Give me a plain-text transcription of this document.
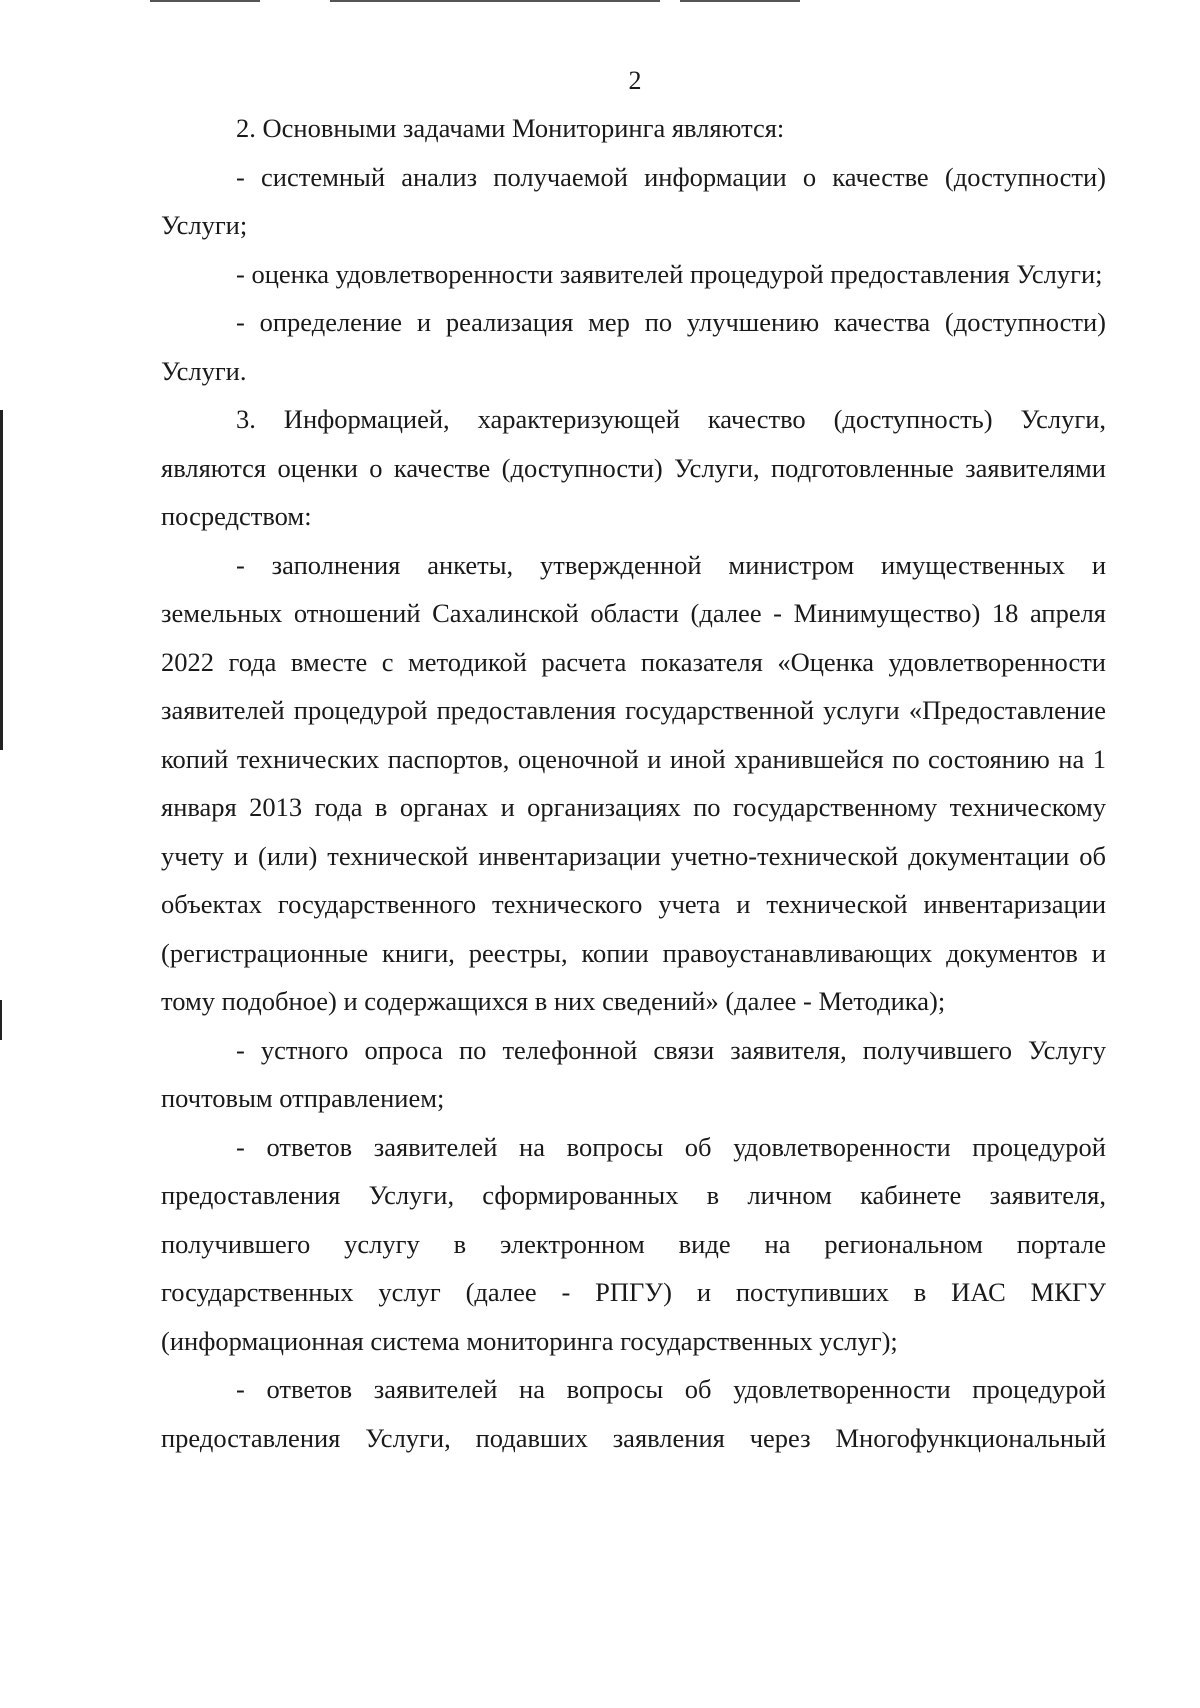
2

2. Основными задачами Мониторинга являются:

- системный анализ получаемой информации о качестве (доступности) Услуги;

- оценка удовлетворенности заявителей процедурой предоставления Услуги;

- определение и реализация мер по улучшению качества (доступности) Услуги.

3. Информацией, характеризующей качество (доступность) Услуги, являются оценки о качестве (доступности) Услуги, подготовленные заявителями посредством:

- заполнения анкеты, утвержденной министром имущественных и земельных отношений Сахалинской области (далее - Минимущество) 18 апреля 2022 года вместе с методикой расчета показателя «Оценка удовлетворенности заявителей процедурой предоставления государственной услуги «Предоставление копий технических паспортов, оценочной и иной хранившейся по состоянию на 1 января 2013 года в органах и организациях по государственному техническому учету и (или) технической инвентаризации учетно-технической документации об объектах государственного технического учета и технической инвентаризации (регистрационные книги, реестры, копии правоустанавливающих документов и тому подобное) и содержащихся в них сведений» (далее - Методика);

- устного опроса по телефонной связи заявителя, получившего Услугу почтовым отправлением;

- ответов заявителей на вопросы об удовлетворенности процедурой предоставления Услуги, сформированных в личном кабинете заявителя, получившего услугу в электронном виде на региональном портале государственных услуг (далее - РПГУ) и поступивших в ИАС МКГУ (информационная система мониторинга государственных услуг);

- ответов заявителей на вопросы об удовлетворенности процедурой предоставления Услуги, подавших заявления через Многофункциональный
